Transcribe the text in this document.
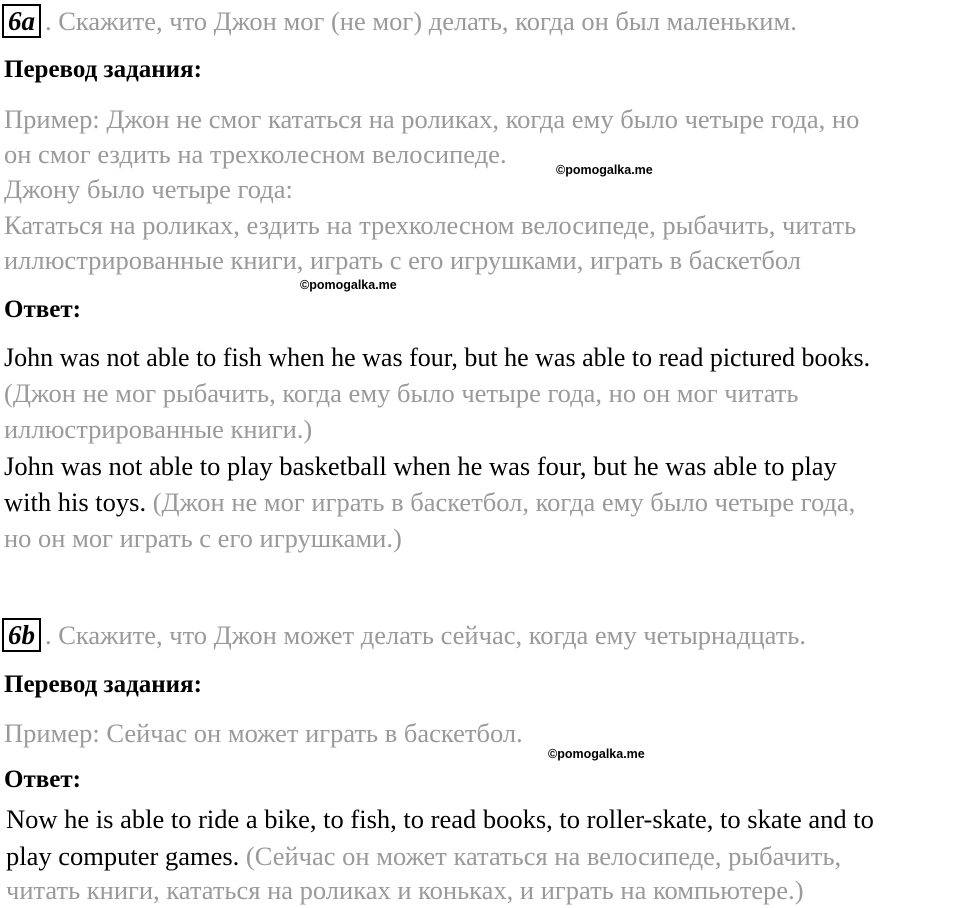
6a . Скажите, что Джон мог (не мог) делать, когда он был маленьким.
Перевод задания:
Пример: Джон не смог кататься на роликах, когда ему было четыре года, но
он смог ездить на трехколесном велосипеде.
Джону было четыре года:
Кататься на роликах, ездить на трехколесном велосипеде, рыбачить, читать
иллюстрированные книги, играть с его игрушками, играть в баскетбол
©pomogalka.me
©pomogalka.me
Ответ:
John was not able to fish when he was four, but he was able to read pictured books.
(Джон не мог рыбачить, когда ему было четыре года, но он мог читать
иллюстрированные книги.)
John was not able to play basketball when he was four, but he was able to play
with his toys. (Джон не мог играть в баскетбол, когда ему было четыре года,
но он мог играть с его игрушками.)
6b . Скажите, что Джон может делать сейчас, когда ему четырнадцать.
Перевод задания:
Пример: Сейчас он может играть в баскетбол.
©pomogalka.me
Ответ:
Now he is able to ride a bike, to fish, to read books, to roller-skate, to skate and to
play computer games. (Сейчас он может кататься на велосипеде, рыбачить,
читать книги, кататься на роликах и коньках, и играть на компьютере.)
